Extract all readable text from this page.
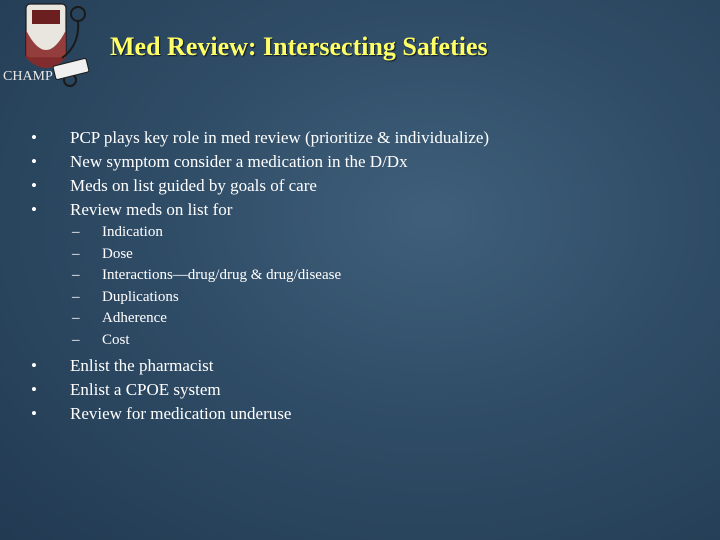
CHAMP
Med Review: Intersecting Safeties
• PCP plays key role in med review (prioritize & individualize)
• New symptom consider a medication in the D/Dx
• Meds on list guided by goals of care
• Review meds on list for
– Indication
– Dose
– Interactions—drug/drug & drug/disease
– Duplications
– Adherence
– Cost
• Enlist the pharmacist
• Enlist a CPOE system
• Review for medication underuse
